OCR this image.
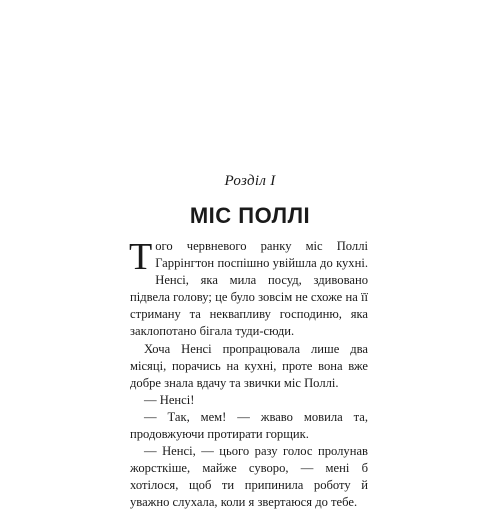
Розділ I
МІС ПОЛЛІ

Того червневого ранку міс Поллі Гаррінгтон поспішно увійшла до кухні. Ненсі, яка мила посуд, здивовано підвела голову; це було зовсім не схоже на її стриману та неквапливу господиню, яка заклопотано бігала туди-сюди.

Хоча Ненсі пропрацювала лише два місяці, порачись на кухні, проте вона вже добре знала вдачу та звички міс Поллі.

— Ненсі!

— Так, мем! — жваво мовила та, продовжуючи протирати горщик.

— Ненсі, — цього разу голос пролунав жорсткіше, майже суворо, — мені б хотілося, щоб ти припинила роботу й уважно слухала, коли я звертаюся до тебе.
